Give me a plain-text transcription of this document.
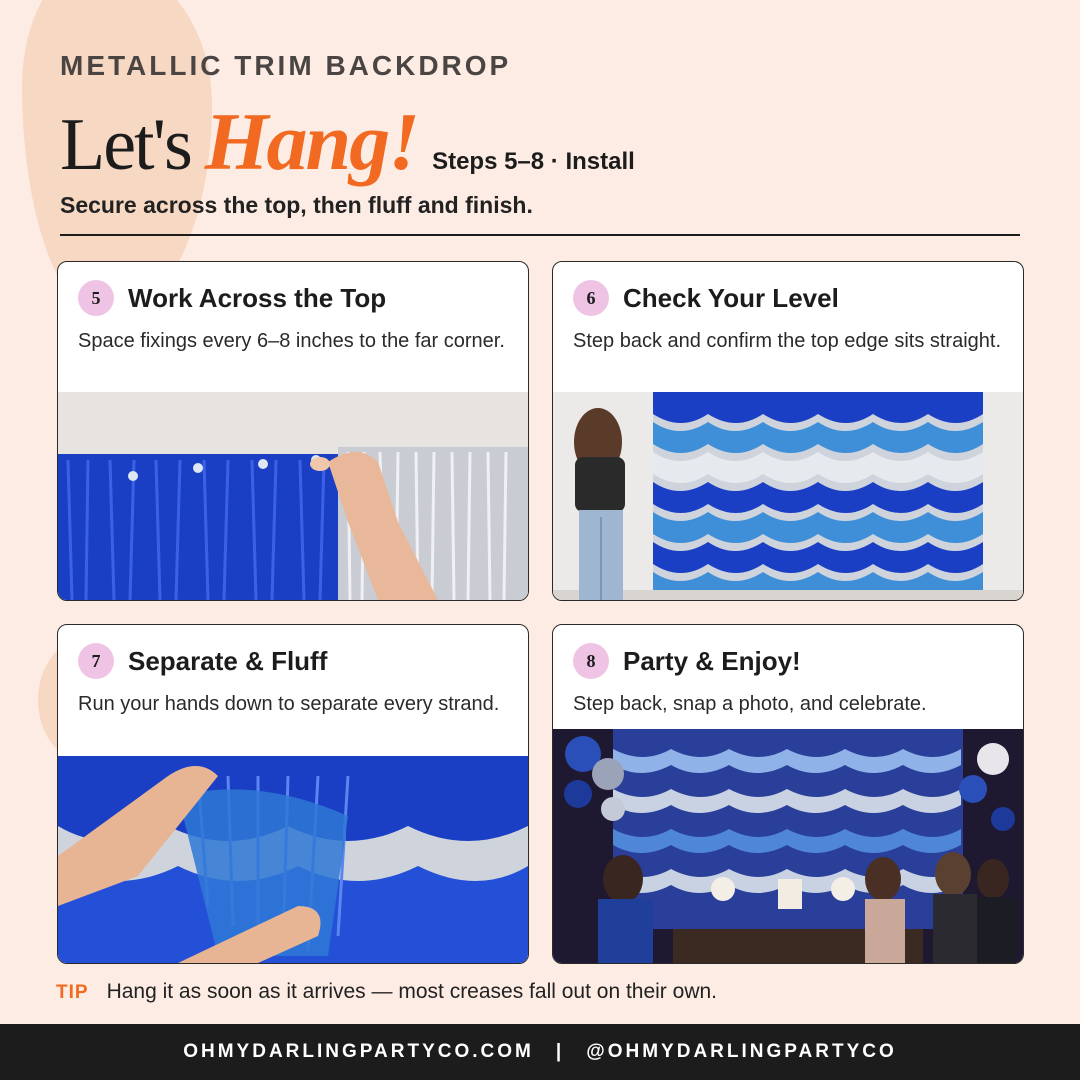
METALLIC TRIM BACKDROP
Let's Hang! Steps 5–8 · Install
Secure across the top, then fluff and finish.
5	Work Across the Top
Space fixings every 6–8 inches to the far corner.
6	Check Your Level
Step back and confirm the top edge sits straight.
7	Separate & Fluff
Run your hands down to separate every strand.
8	Party & Enjoy!
Step back, snap a photo, and celebrate.
TIP Hang it as soon as it arrives — most creases fall out on their own.
OHMYDARLINGPARTYCO.COM | @OHMYDARLINGPARTYCO
